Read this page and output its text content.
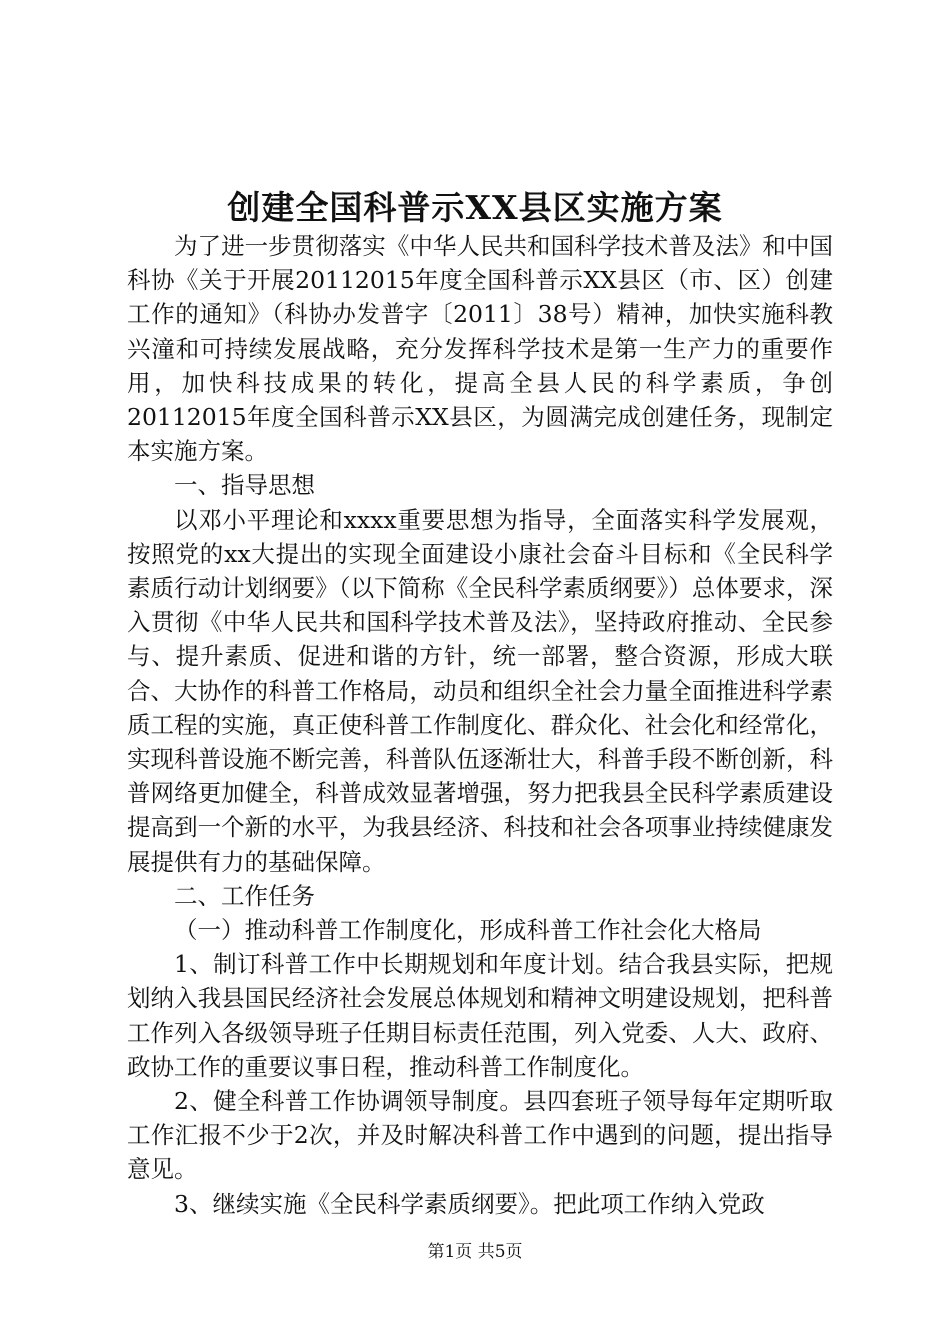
创建全国科普示XX县区实施方案

为了进一步贯彻落实《中华人民共和国科学技术普及法》和中国科协《关于开展20112015年度全国科普示XX县区（市、区）创建工作的通知》（科协办发普字〔2011〕38号）精神，加快实施科教兴潼和可持续发展战略，充分发挥科学技术是第一生产力的重要作用，加快科技成果的转化，提高全县人民的科学素质，争创20112015年度全国科普示XX县区，为圆满完成创建任务，现制定本实施方案。

一、指导思想

以邓小平理论和xxxx重要思想为指导，全面落实科学发展观，按照党的xx大提出的实现全面建设小康社会奋斗目标和《全民科学素质行动计划纲要》（以下简称《全民科学素质纲要》）总体要求，深入贯彻《中华人民共和国科学技术普及法》，坚持政府推动、全民参与、提升素质、促进和谐的方针，统一部署，整合资源，形成大联合、大协作的科普工作格局，动员和组织全社会力量全面推进科学素质工程的实施，真正使科普工作制度化、群众化、社会化和经常化，实现科普设施不断完善，科普队伍逐渐壮大，科普手段不断创新，科普网络更加健全，科普成效显著增强，努力把我县全民科学素质建设提高到一个新的水平，为我县经济、科技和社会各项事业持续健康发展提供有力的基础保障。

二、工作任务

（一）推动科普工作制度化，形成科普工作社会化大格局

1、制订科普工作中长期规划和年度计划。结合我县实际，把规划纳入我县国民经济社会发展总体规划和精神文明建设规划，把科普工作列入各级领导班子任期目标责任范围，列入党委、人大、政府、政协工作的重要议事日程，推动科普工作制度化。

2、健全科普工作协调领导制度。县四套班子领导每年定期听取工作汇报不少于2次，并及时解决科普工作中遇到的问题，提出指导意见。

3、继续实施《全民科学素质纲要》。把此项工作纳入党政

第1页 共5页
